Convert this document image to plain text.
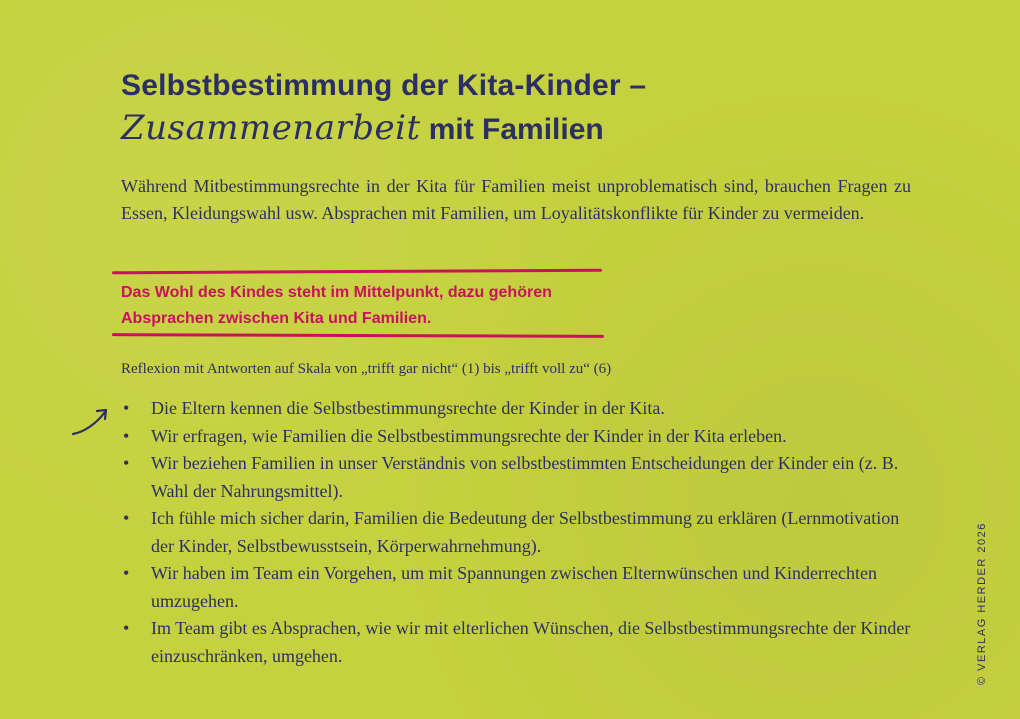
Selbstbestimmung der Kita-Kinder –
Zusammenarbeit mit Familien
Während Mitbestimmungsrechte in der Kita für Familien meist unproblematisch sind, brauchen Fragen zu Essen, Kleidungswahl usw. Absprachen mit Familien, um Loyalitätskonflikte für Kinder zu vermeiden.
Das Wohl des Kindes steht im Mittelpunkt, dazu gehören
Absprachen zwischen Kita und Familien.
Reflexion mit Antworten auf Skala von „trifft gar nicht“ (1) bis „trifft voll zu“ (6)
• Die Eltern kennen die Selbstbestimmungsrechte der Kinder in der Kita.
• Wir erfragen, wie Familien die Selbstbestimmungsrechte der Kinder in der Kita erleben.
• Wir beziehen Familien in unser Verständnis von selbstbestimmten Entscheidungen der Kinder ein (z. B. Wahl der Nahrungsmittel).
• Ich fühle mich sicher darin, Familien die Bedeutung der Selbstbestimmung zu erklären (Lernmotivation der Kinder, Selbstbewusstsein, Körperwahrnehmung).
• Wir haben im Team ein Vorgehen, um mit Spannungen zwischen Elternwünschen und Kinderrechten umzugehen.
• Im Team gibt es Absprachen, wie wir mit elterlichen Wünschen, die Selbstbestimmungsrechte der Kinder einzuschränken, umgehen.	© VERLAG HERDER 2026
